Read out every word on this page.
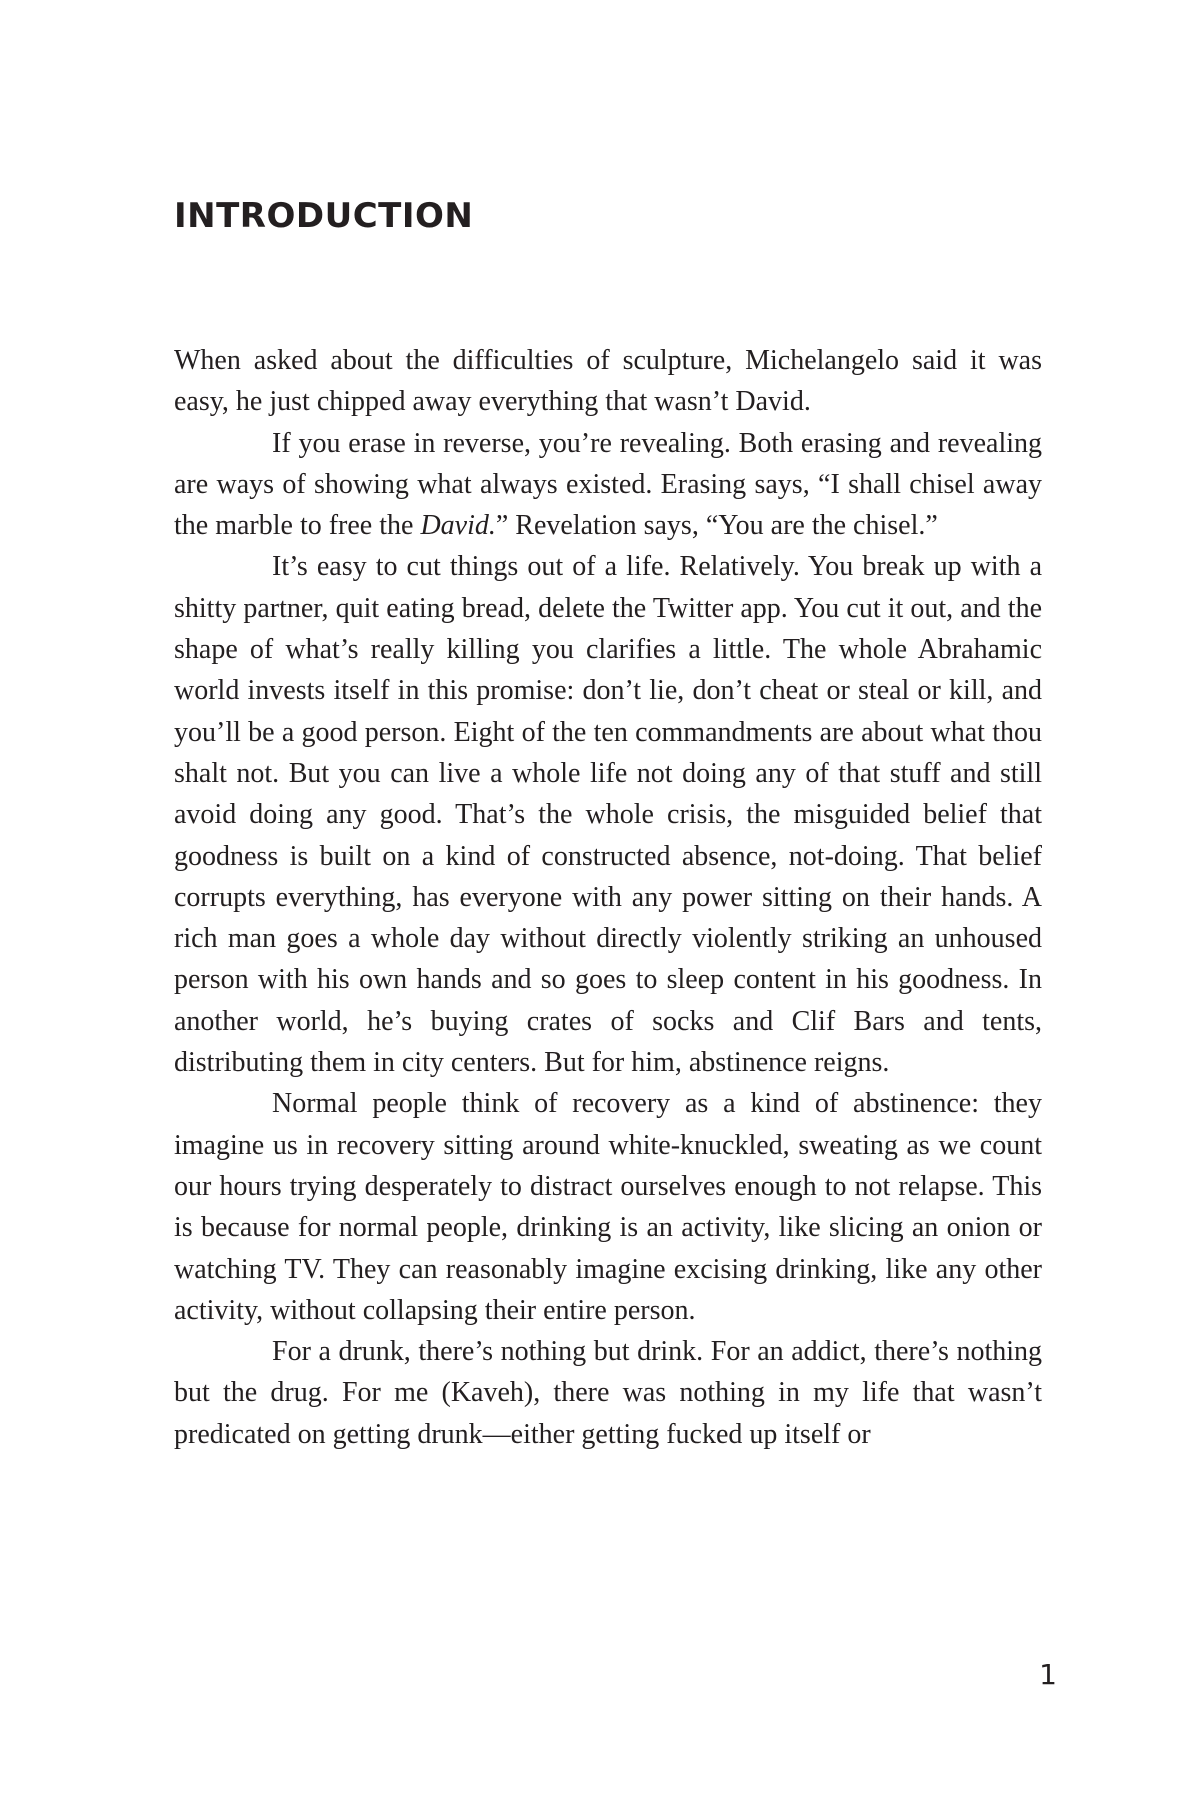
INTRODUCTION

When asked about the difficulties of sculpture, Michelangelo said it was easy, he just chipped away everything that wasn’t David.

If you erase in reverse, you’re revealing. Both erasing and revealing are ways of showing what always existed. Erasing says, “I shall chisel away the marble to free the David.” Revelation says, “You are the chisel.”

It’s easy to cut things out of a life. Relatively. You break up with a shitty partner, quit eating bread, delete the Twitter app. You cut it out, and the shape of what’s really killing you clarifies a little. The whole Abrahamic world invests itself in this promise: don’t lie, don’t cheat or steal or kill, and you’ll be a good person. Eight of the ten commandments are about what thou shalt not. But you can live a whole life not doing any of that stuff and still avoid doing any good. That’s the whole crisis, the misguided belief that goodness is built on a kind of constructed absence, not-doing. That belief corrupts everything, has everyone with any power sitting on their hands. A rich man goes a whole day without directly violently striking an unhoused person with his own hands and so goes to sleep content in his goodness. In another world, he’s buying crates of socks and Clif Bars and tents, distributing them in city centers. But for him, abstinence reigns.

Normal people think of recovery as a kind of abstinence: they imagine us in recovery sitting around white-knuckled, sweating as we count our hours trying desperately to distract ourselves enough to not relapse. This is because for normal people, drinking is an activity, like slicing an onion or watching TV. They can reasonably imagine excising drinking, like any other activity, without collapsing their entire person.

For a drunk, there’s nothing but drink. For an addict, there’s nothing but the drug. For me (Kaveh), there was nothing in my life that wasn’t predicated on getting drunk—either getting fucked up itself or

1
